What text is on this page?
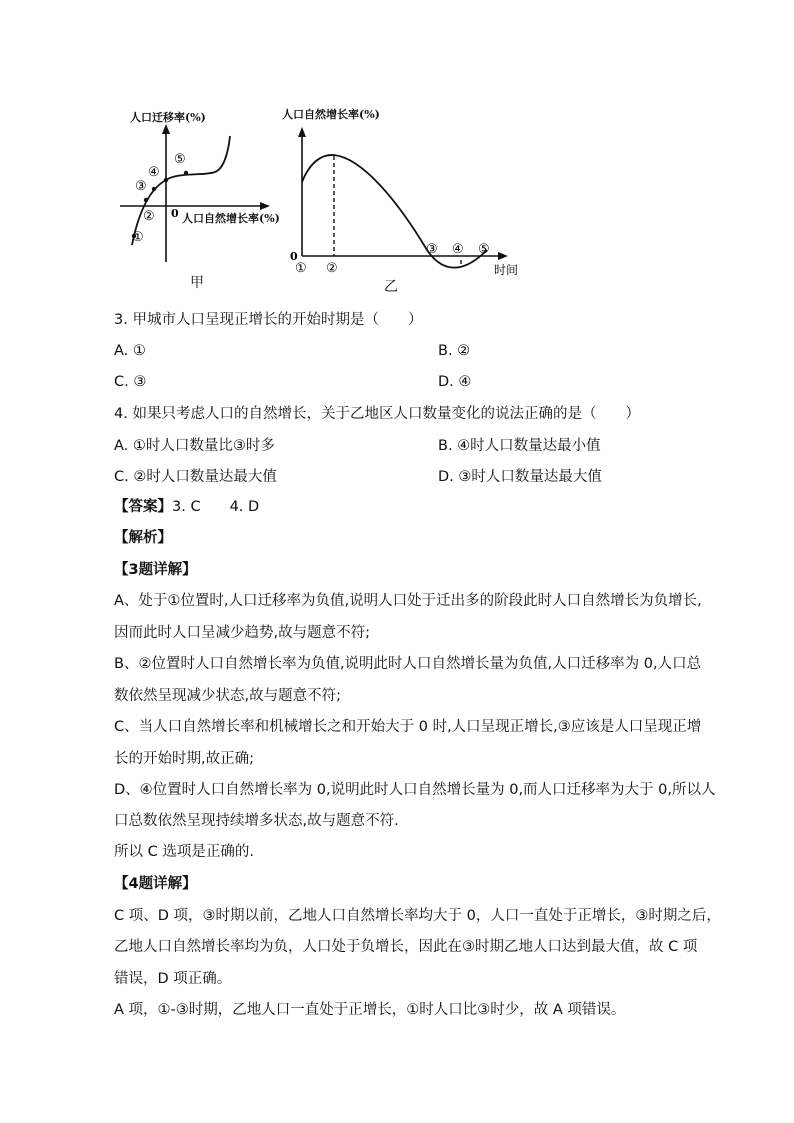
①
②
③
④
⑤
0
人口迁移率(%)
人口自然增长率(%)
甲
③ ④ ⑤
① ②
0
时间
人口自然增长率(%)
乙
3. 甲城市人口呈现正增长的开始时期是（　　）
A. ①	B. ②
C. ③	D. ④
4. 如果只考虑人口的自然增长，关于乙地区人口数量变化的说法正确的是（　　）
A. ①时人口数量比③时多	B. ④时人口数量达最小值
C. ②时人口数量达最大值	D. ③时人口数量达最大值
【答案】3. C   4. D
【解析】
【3题详解】
A、处于①位置时,人口迁移率为负值,说明人口处于迁出多的阶段此时人口自然增长为负增长,
因而此时人口呈减少趋势,故与题意不符;
B、②位置时人口自然增长率为负值,说明此时人口自然增长量为负值,人口迁移率为 0,人口总
数依然呈现减少状态,故与题意不符;
C、当人口自然增长率和机械增长之和开始大于 0 时,人口呈现正增长,③应该是人口呈现正增
长的开始时期,故正确;
D、④位置时人口自然增长率为 0,说明此时人口自然增长量为 0,而人口迁移率为大于 0,所以人
口总数依然呈现持续增多状态,故与题意不符.
所以 C 选项是正确的.
【4题详解】
C 项、D 项，③时期以前，乙地人口自然增长率均大于 0，人口一直处于正增长，③时期之后，
乙地人口自然增长率均为负，人口处于负增长，因此在③时期乙地人口达到最大值，故 C 项
错误，D 项正确。
A 项，①-③时期，乙地人口一直处于正增长，①时人口比③时少，故 A 项错误。
